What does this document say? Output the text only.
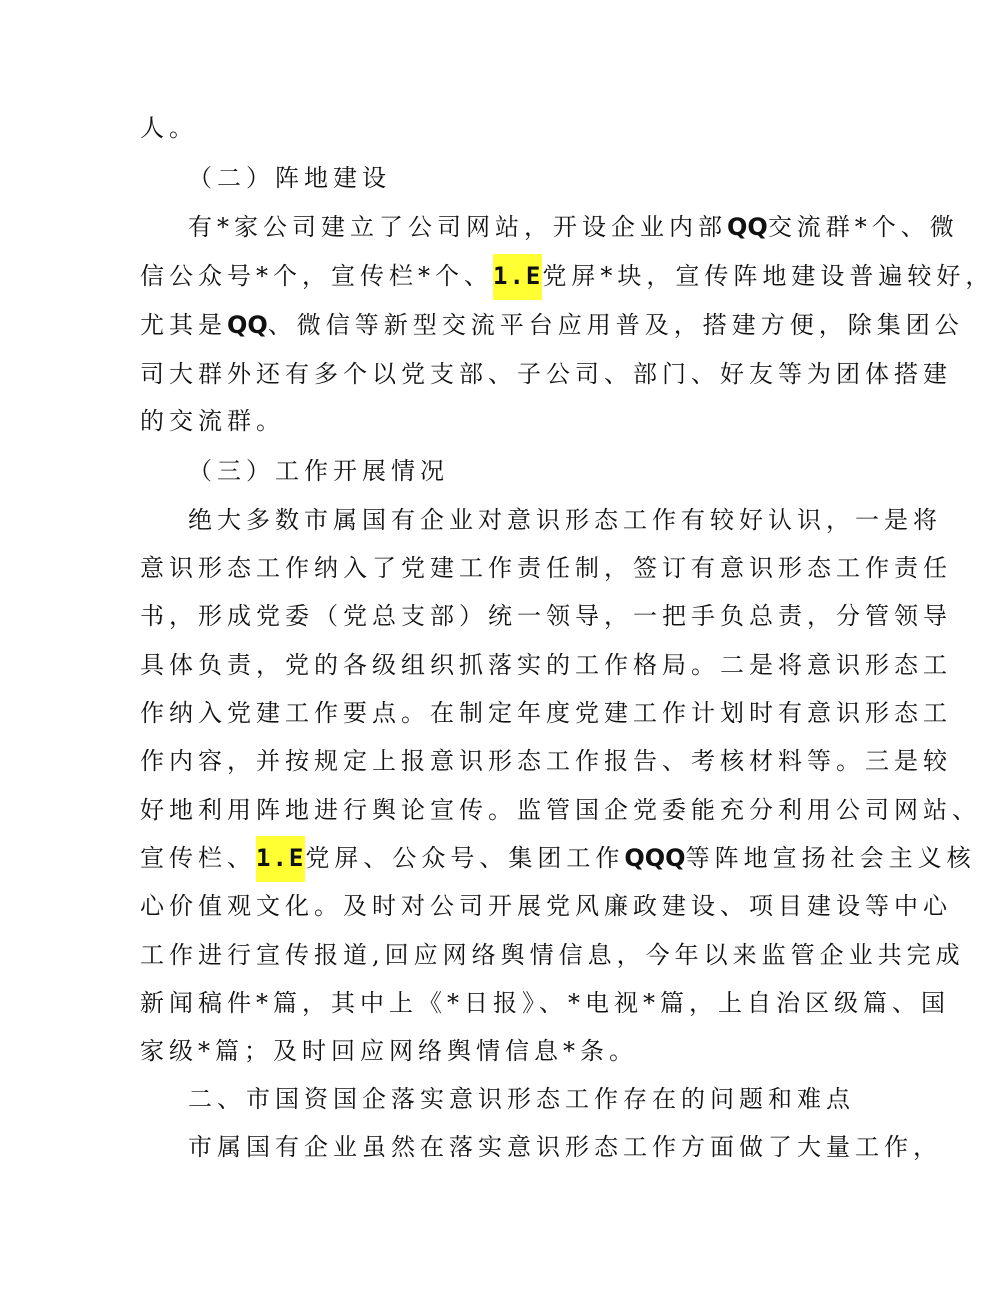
人。
（二）阵地建设
有*家公司建立了公司网站，开设企业内部QQ交流群*个、微
信公众号*个，宣传栏*个、1.E党屏*块，宣传阵地建设普遍较好，
尤其是QQ、微信等新型交流平台应用普及，搭建方便，除集团公
司大群外还有多个以党支部、子公司、部门、好友等为团体搭建
的交流群。
（三）工作开展情况
绝大多数市属国有企业对意识形态工作有较好认识，一是将
意识形态工作纳入了党建工作责任制，签订有意识形态工作责任
书，形成党委（党总支部）统一领导，一把手负总责，分管领导
具体负责，党的各级组织抓落实的工作格局。二是将意识形态工
作纳入党建工作要点。在制定年度党建工作计划时有意识形态工
作内容，并按规定上报意识形态工作报告、考核材料等。三是较
好地利用阵地进行舆论宣传。监管国企党委能充分利用公司网站、
宣传栏、1.E党屏、公众号、集团工作QQQ等阵地宣扬社会主义核
心价值观文化。及时对公司开展党风廉政建设、项目建设等中心
工作进行宣传报道,回应网络舆情信息，今年以来监管企业共完成
新闻稿件*篇，其中上《*日报》、*电视*篇，上自治区级篇、国
家级*篇；及时回应网络舆情信息*条。
二、市国资国企落实意识形态工作存在的问题和难点
市属国有企业虽然在落实意识形态工作方面做了大量工作，
